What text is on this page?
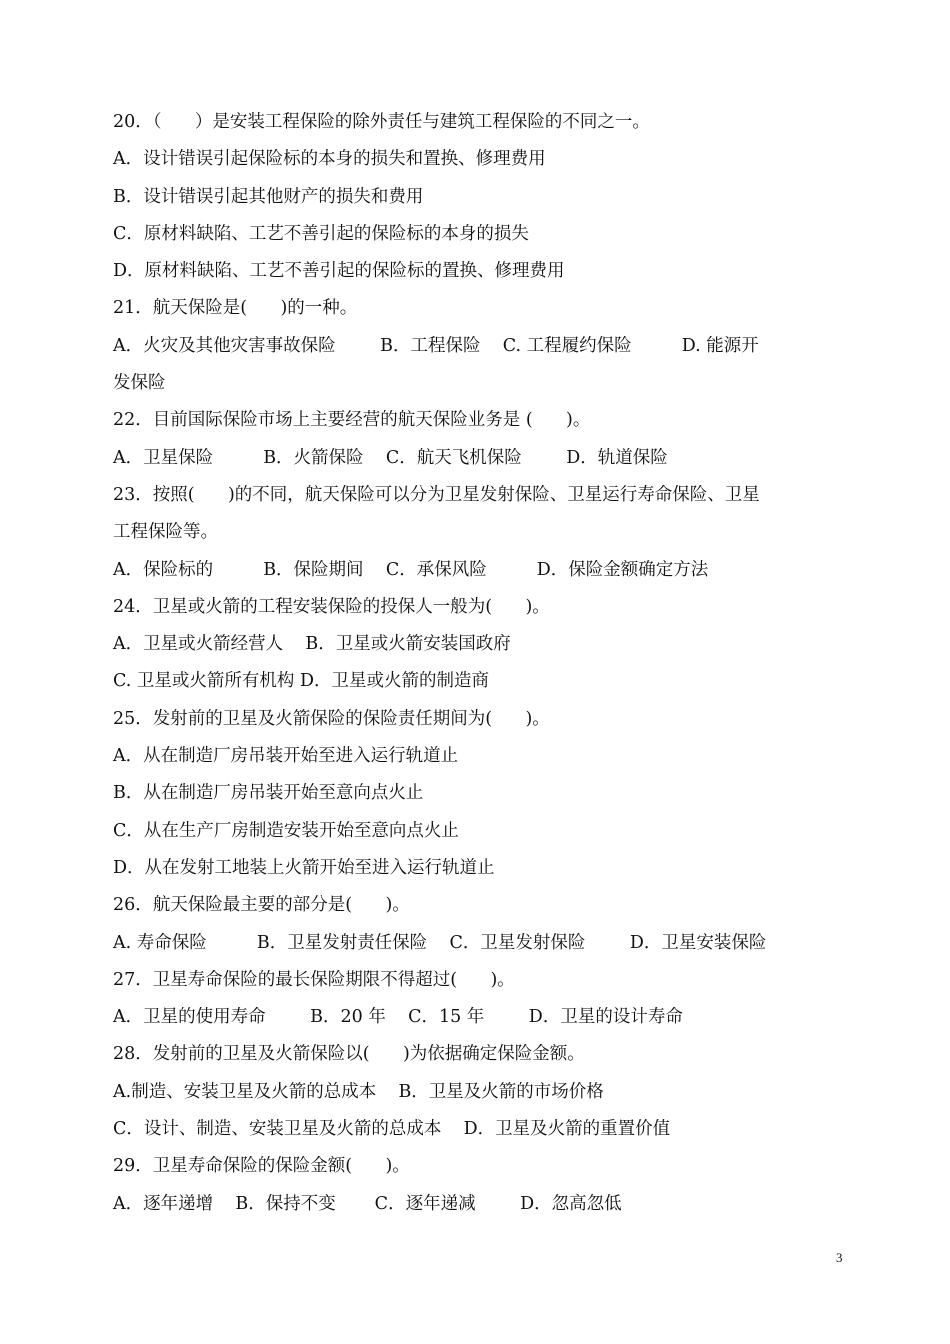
20．（      ）是安装工程保险的除外责任与建筑工程保险的不同之一。
A．设计错误引起保险标的本身的损失和置换、修理费用
B．设计错误引起其他财产的损失和费用
C．原材料缺陷、工艺不善引起的保险标的本身的损失
D．原材料缺陷、工艺不善引起的保险标的置换、修理费用
21．航天保险是(      )的一种。
A．火灾及其他灾害事故保险        B．工程保险    C. 工程履约保险         D. 能源开
发保险
22．目前国际保险市场上主要经营的航天保险业务是 (      )。
A．卫星保险         B．火箭保险    C．航天飞机保险        D．轨道保险
23．按照(      )的不同，航天保险可以分为卫星发射保险、卫星运行寿命保险、卫星
工程保险等。
A．保险标的         B．保险期间    C．承保风险         D．保险金额确定方法
24．卫星或火箭的工程安装保险的投保人一般为(      )。
A．卫星或火箭经营人    B．卫星或火箭安装国政府
C. 卫星或火箭所有机构 D．卫星或火箭的制造商
25．发射前的卫星及火箭保险的保险责任期间为(      )。
A．从在制造厂房吊装开始至进入运行轨道止
B．从在制造厂房吊装开始至意向点火止
C．从在生产厂房制造安装开始至意向点火止
D．从在发射工地装上火箭开始至进入运行轨道止
26．航天保险最主要的部分是(      )。
A. 寿命保险         B．卫星发射责任保险    C．卫星发射保险        D．卫星安装保险
27．卫星寿命保险的最长保险期限不得超过(      )。
A．卫星的使用寿命        B．20 年    C．15 年        D．卫星的设计寿命
28．发射前的卫星及火箭保险以(      )为依据确定保险金额。
A.制造、安装卫星及火箭的总成本    B．卫星及火箭的市场价格
C．设计、制造、安装卫星及火箭的总成本    D．卫星及火箭的重置价值
29．卫星寿命保险的保险金额(      )。
A．逐年递增    B．保持不变       C．逐年递减        D．忽高忽低
3
